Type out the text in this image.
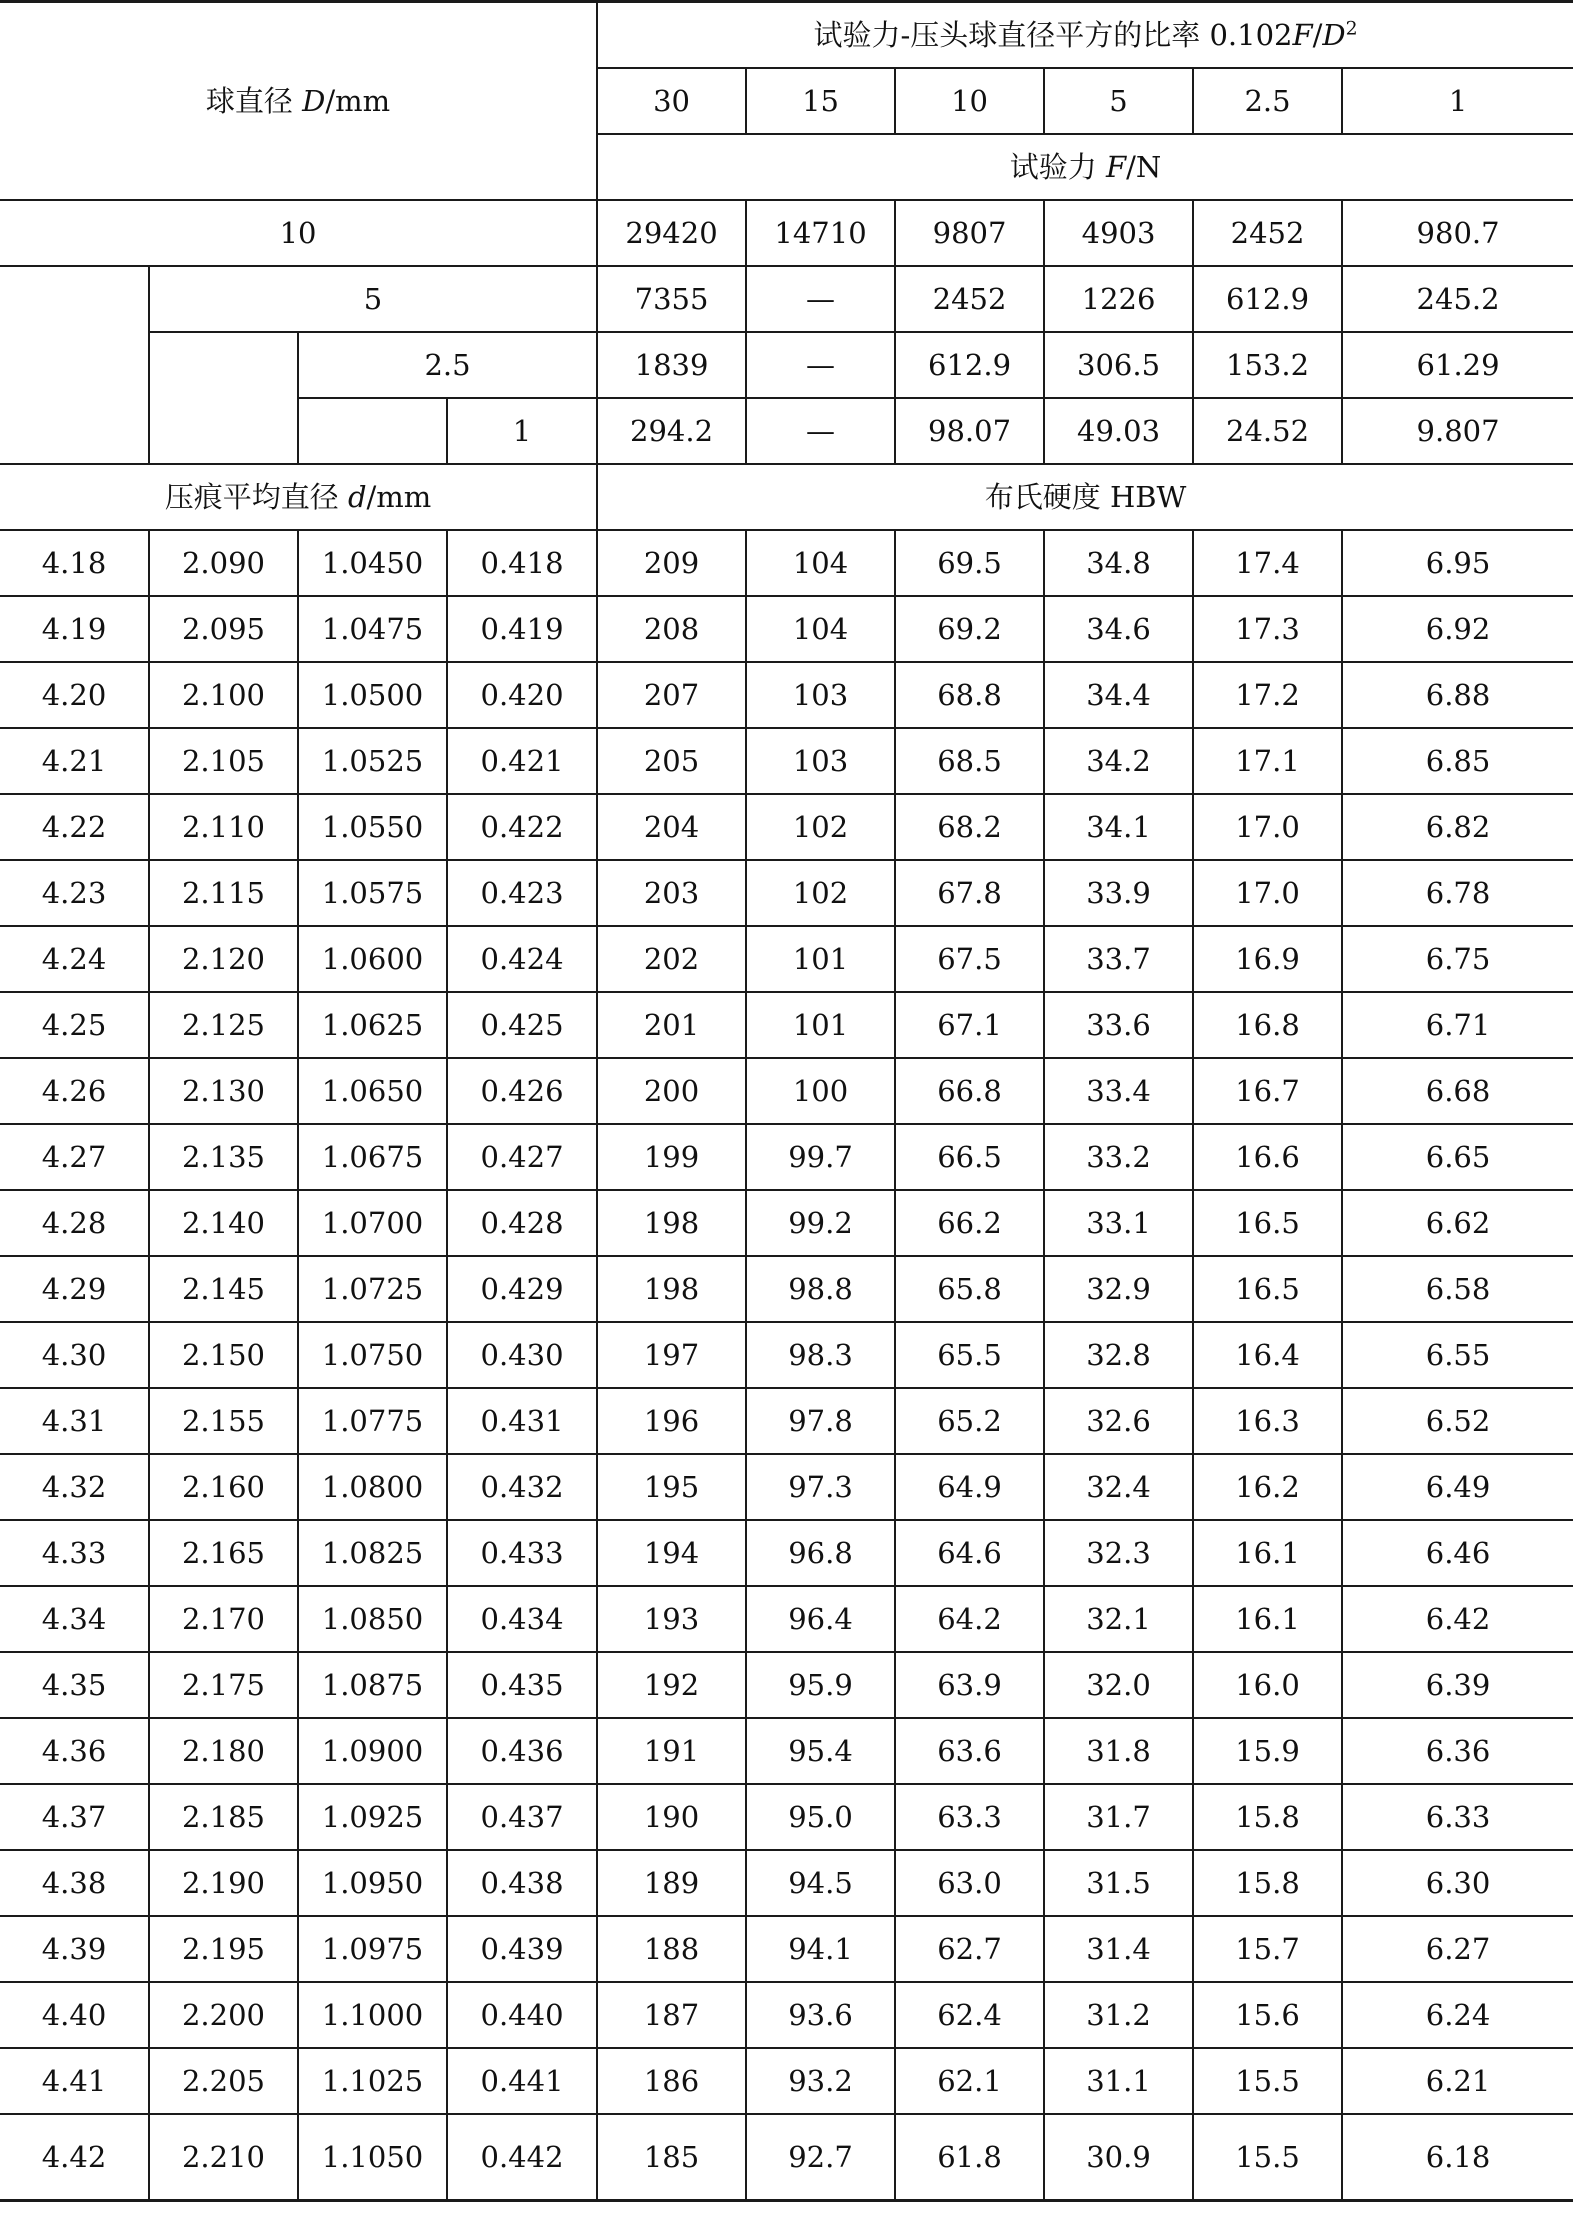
球直径 D/mm				试验力-压头球直径平方的比率 $0.102F/D^2$
				30	15	10	5	2.5	1
				试验力 F/N					
10				29420	14710	9807	4903	2452	980.7
	5			7355	—	2452	1226	612.9	245.2
		2.5		1839	—	612.9	306.5	153.2	61.29
			1	294.2	—	98.07	49.03	24.52	9.807
压痕平均直径 d/mm				布氏硬度 HBW					
4.18	2.090	1.0450	0.418	209	104	69.5	34.8	17.4	6.95
4.19	2.095	1.0475	0.419	208	104	69.2	34.6	17.3	6.92
4.20	2.100	1.0500	0.420	207	103	68.8	34.4	17.2	6.88
4.21	2.105	1.0525	0.421	205	103	68.5	34.2	17.1	6.85
4.22	2.110	1.0550	0.422	204	102	68.2	34.1	17.0	6.82
4.23	2.115	1.0575	0.423	203	102	67.8	33.9	17.0	6.78
4.24	2.120	1.0600	0.424	202	101	67.5	33.7	16.9	6.75
4.25	2.125	1.0625	0.425	201	101	67.1	33.6	16.8	6.71
4.26	2.130	1.0650	0.426	200	100	66.8	33.4	16.7	6.68
4.27	2.135	1.0675	0.427	199	99.7	66.5	33.2	16.6	6.65
4.28	2.140	1.0700	0.428	198	99.2	66.2	33.1	16.5	6.62
4.29	2.145	1.0725	0.429	198	98.8	65.8	32.9	16.5	6.58
4.30	2.150	1.0750	0.430	197	98.3	65.5	32.8	16.4	6.55
4.31	2.155	1.0775	0.431	196	97.8	65.2	32.6	16.3	6.52
4.32	2.160	1.0800	0.432	195	97.3	64.9	32.4	16.2	6.49
4.33	2.165	1.0825	0.433	194	96.8	64.6	32.3	16.1	6.46
4.34	2.170	1.0850	0.434	193	96.4	64.2	32.1	16.1	6.42
4.35	2.175	1.0875	0.435	192	95.9	63.9	32.0	16.0	6.39
4.36	2.180	1.0900	0.436	191	95.4	63.6	31.8	15.9	6.36
4.37	2.185	1.0925	0.437	190	95.0	63.3	31.7	15.8	6.33
4.38	2.190	1.0950	0.438	189	94.5	63.0	31.5	15.8	6.30
4.39	2.195	1.0975	0.439	188	94.1	62.7	31.4	15.7	6.27
4.40	2.200	1.1000	0.440	187	93.6	62.4	31.2	15.6	6.24
4.41	2.205	1.1025	0.441	186	93.2	62.1	31.1	15.5	6.21
4.42	2.210	1.1050	0.442	185	92.7	61.8	30.9	15.5	6.18
